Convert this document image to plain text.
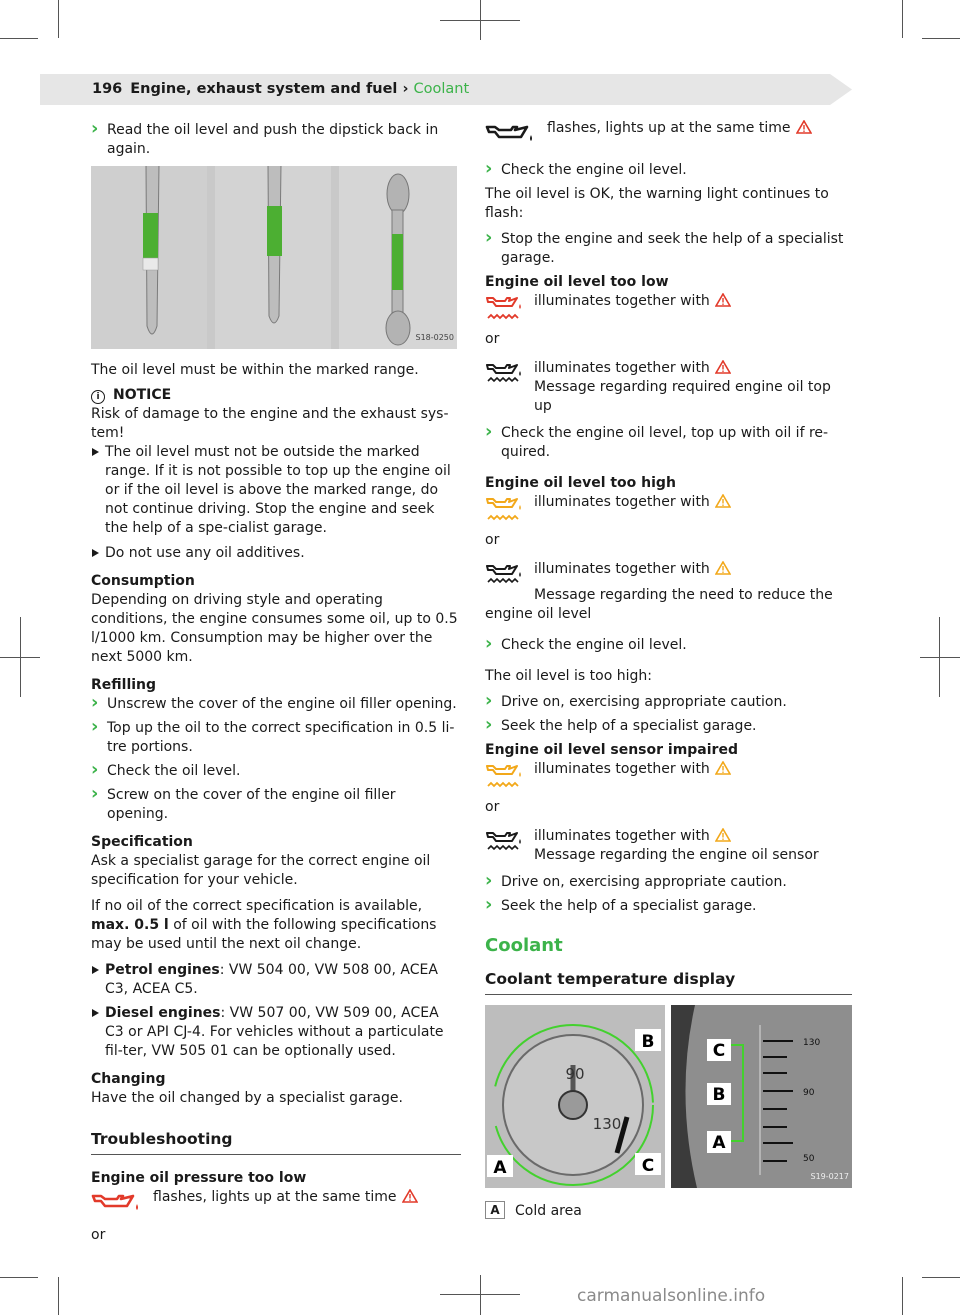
196 Engine, exhaust system and fuel › Coolant
› Read the oil level and push the dipstick back in again.
S18-0250
The oil level must be within the marked range.
i NOTICE
Risk of damage to the engine and the exhaust sys-tem!
The oil level must not be outside the marked range. If it is not possible to top up the engine oil or if the oil level is above the marked range, do not continue driving. Stop the engine and seek the help of a spe-cialist garage.
Do not use any oil additives.
Consumption
Depending on driving style and operating conditions, the engine consumes some oil, up to 0.5 l/1000 km. Consumption may be higher over the next 5000 km.
Refilling
› Unscrew the cover of the engine oil filler opening.
› Top up the oil to the correct specification in 0.5 li-tre portions.
› Check the oil level.
› Screw on the cover of the engine oil filler opening.
Specification
Ask a specialist garage for the correct engine oil specification for your vehicle.
If no oil of the correct specification is available, max. 0.5 l of oil with the following specifications may be used until the next oil change.
Petrol engines: VW 504 00, VW 508 00, ACEA C3, ACEA C5.
Diesel engines: VW 507 00, VW 509 00, ACEA C3 or API CJ-4. For vehicles without a particulate fil-ter, VW 505 01 can be optionally used.
Changing
Have the oil changed by a specialist garage.
Troubleshooting
Engine oil pressure too low
flashes, lights up at the same time
or
flashes, lights up at the same time
› Check the engine oil level.
The oil level is OK, the warning light continues to flash:
› Stop the engine and seek the help of a specialist garage.
Engine oil level too low
illuminates together with
or
illuminates together with
Message regarding required engine oil top up
› Check the engine oil level, top up with oil if re-quired.
Engine oil level too high
illuminates together with
or
illuminates together with
Message regarding the need to reduce the engine oil level
› Check the engine oil level.
The oil level is too high:
› Drive on, exercising appropriate caution.
› Seek the help of a specialist garage.
Engine oil level sensor impaired
illuminates together with
or
illuminates together with
Message regarding the engine oil sensor
› Drive on, exercising appropriate caution.
› Seek the help of a specialist garage.
Coolant
Coolant temperature display
B
A	C
90
130
C
B
A
130
90
50
S19-0217
A Cold area
carmanualsonline.info
